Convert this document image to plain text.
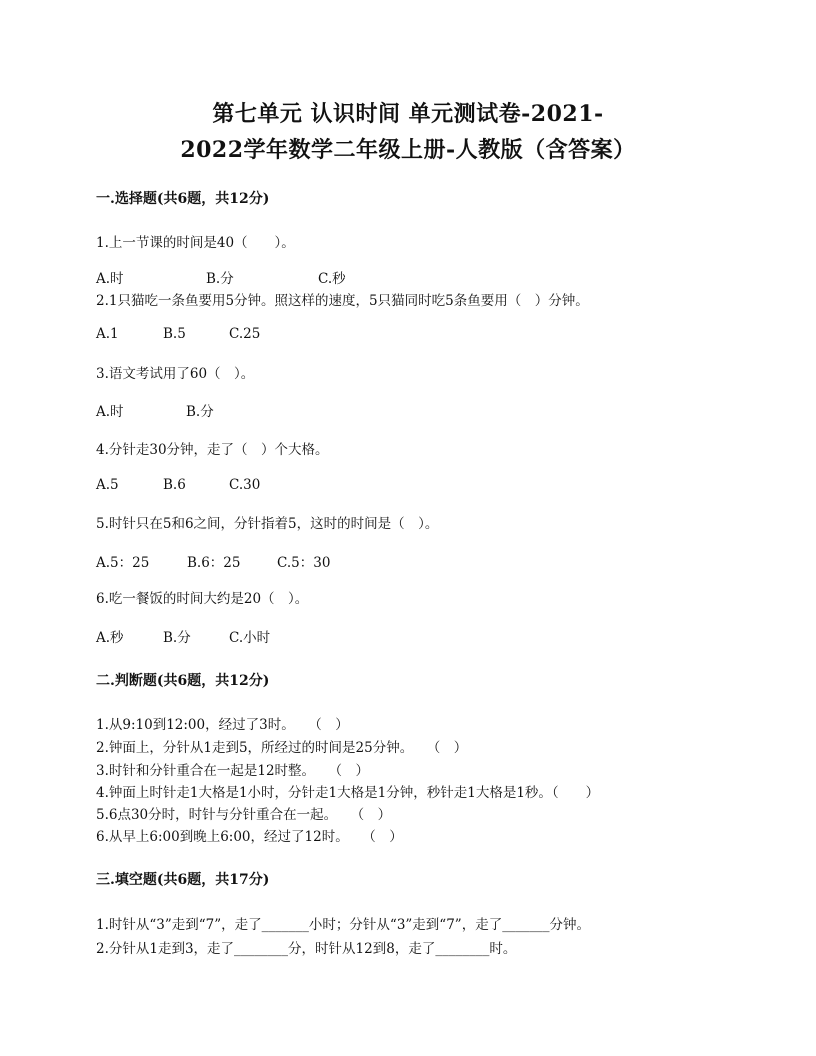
第七单元 认识时间 单元测试卷-2021-
2022学年数学二年级上册-人教版（含答案）
一.选择题(共6题，共12分)
1.上一节课的时间是40（　　）。
A.时	B.分	C.秒
2.1只猫吃一条鱼要用5分钟。照这样的速度，5只猫同时吃5条鱼要用（　）分钟。
A.1	B.5	C.25
3.语文考试用了60（　）。
A.时	B.分
4.分针走30分钟，走了（　）个大格。
A.5	B.6	C.30
5.时针只在5和6之间，分针指着5，这时的时间是（　）。
A.5：25	B.6：25	C.5：30
6.吃一餐饭的时间大约是20（　）。
A.秒	B.分	C.小时
二.判断题(共6题，共12分)
1.从9:10到12:00，经过了3时。　　（　）
2.钟面上，分针从1走到5，所经过的时间是25分钟。　　（　）
3.时针和分针重合在一起是12时整。　　（　）
4.钟面上时针走1大格是1小时，分针走1大格是1分钟，秒针走1大格是1秒。（　　）
5.6点30分时，时针与分针重合在一起。　　（　）
6.从早上6:00到晚上6:00，经过了12时。　　（　）
三.填空题(共6题，共17分)
1.时针从“3”走到“7”，走了_______小时；分针从“3”走到“7”，走了_______分钟。
2.分针从1走到3，走了________分，时针从12到8，走了________时。
